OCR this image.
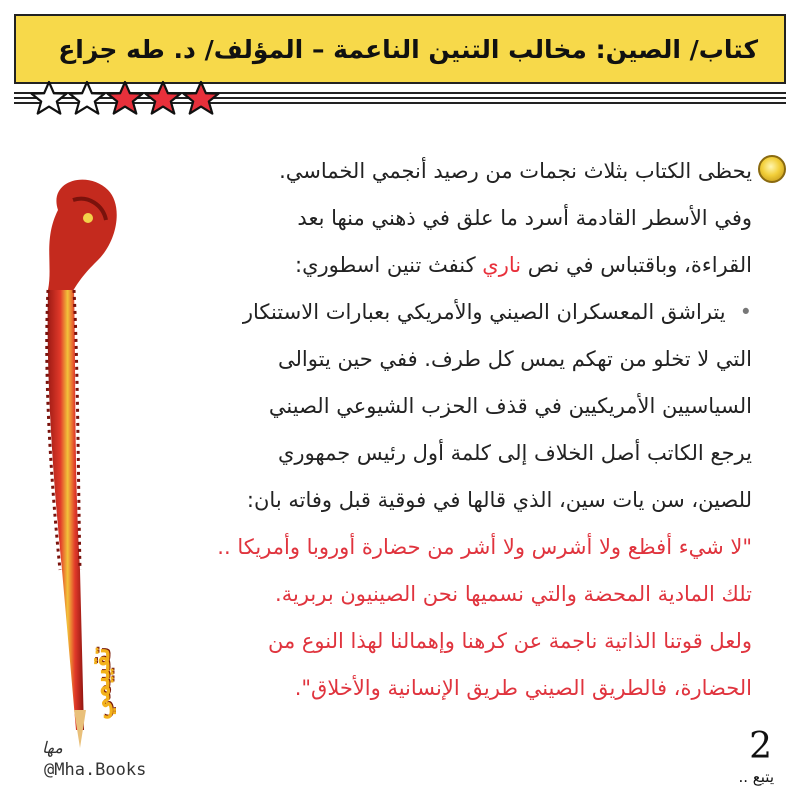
كتاب/ الصين: مخالب التنين الناعمة – المؤلف/ د. طه جزاع

يحظى الكتاب بثلاث نجمات من رصيد أنجمي الخماسي.

وفي الأسطر القادمة أسرد ما علق في ذهني منها بعد

القراءة، وباقتباس في نص ناري كنفث تنين اسطوري:

•يتراشق المعسكران الصيني والأمريكي بعبارات الاستنكار

التي لا تخلو من تهكم يمس كل طرف. ففي حين يتوالى

السياسيين الأمريكيين في قذف الحزب الشيوعي الصيني

يرجع الكاتب أصل الخلاف إلى كلمة أول رئيس جمهوري

للصين، سن يات سين، الذي قالها في فوقية قبل وفاته بان:

"لا شيء أفظع ولا أشرس ولا أشر من حضارة أوروبا وأمريكا ..

تلك المادية المحضة والتي نسميها نحن الصينيون بربرية.

ولعل قوتنا الذاتية ناجمة عن كرهنا وإهمالنا لهذا النوع من

الحضارة، فالطريق الصيني طريق الإنسانية والأخلاق".

تقييمي
مها
@Mha.Books
2
يتبع ..
